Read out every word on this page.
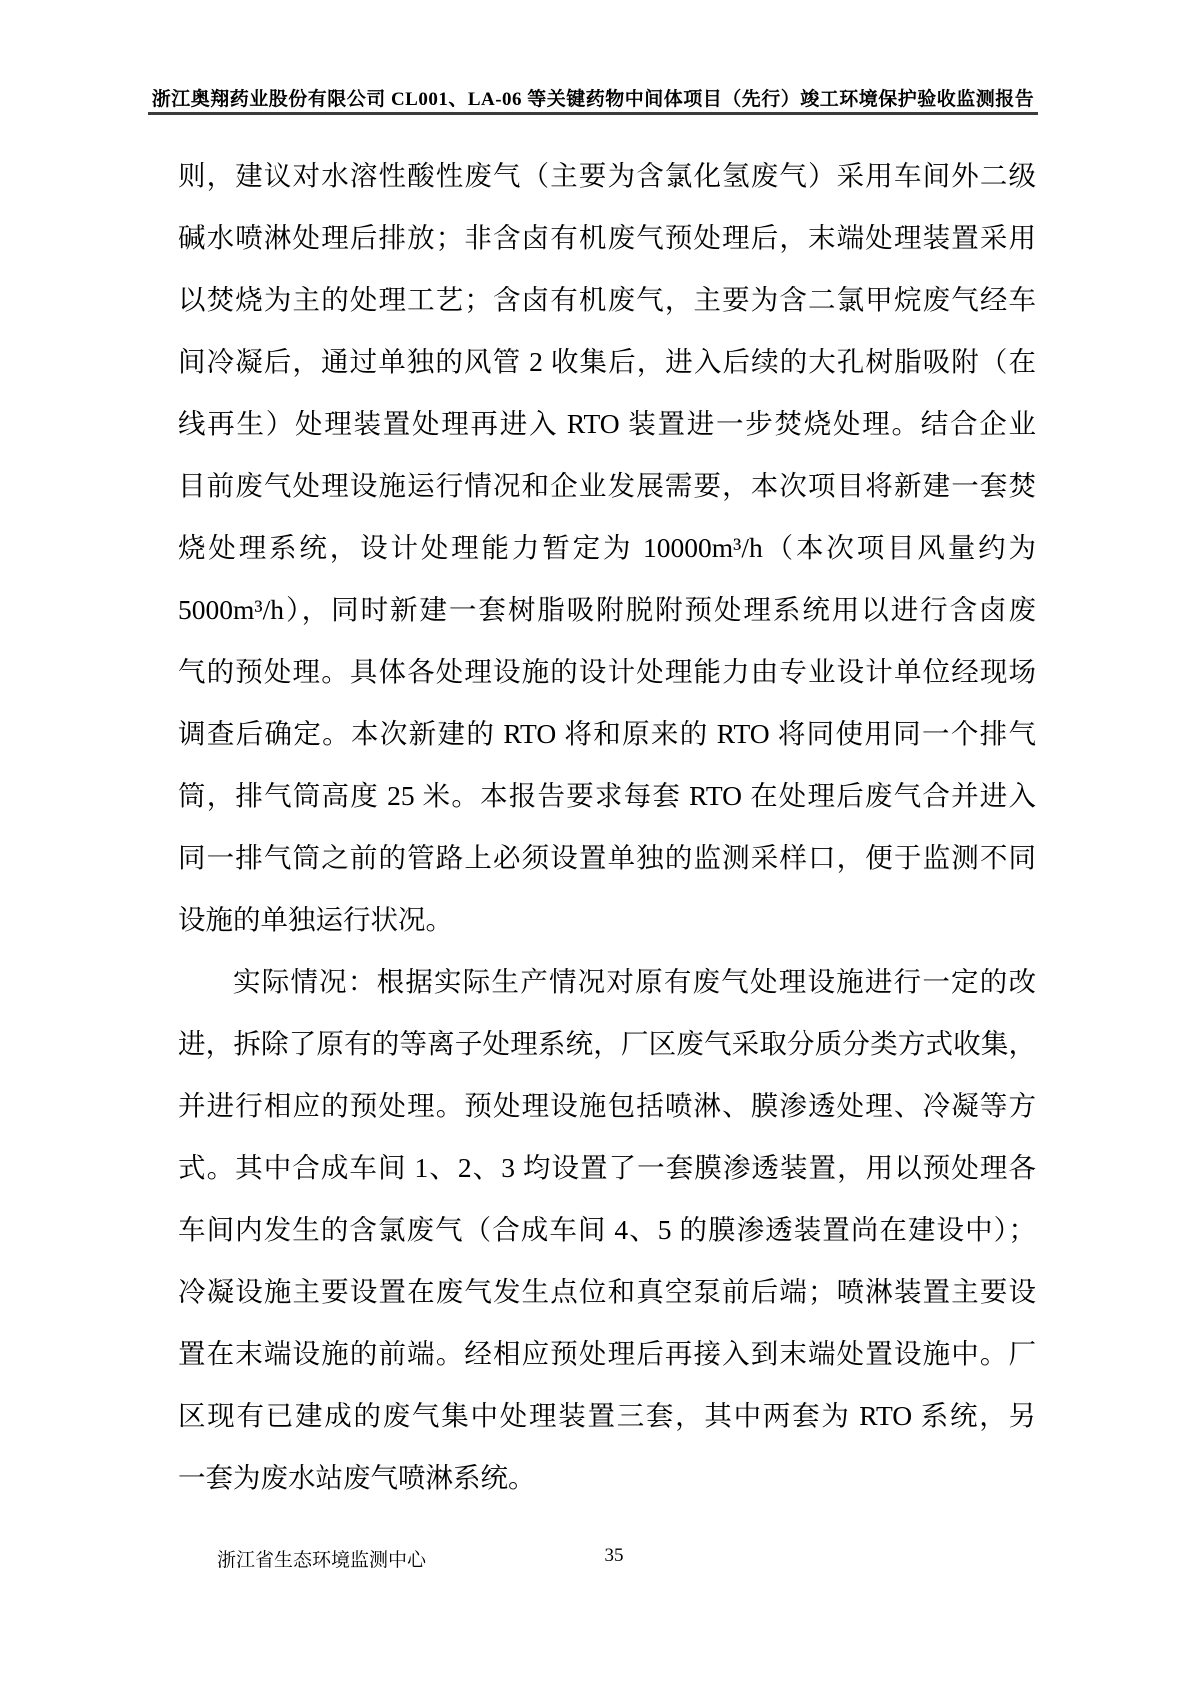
浙江奥翔药业股份有限公司 CL001、LA-06 等关键药物中间体项目（先行）竣工环境保护验收监测报告
则，建议对水溶性酸性废气（主要为含氯化氢废气）采用车间外二级
碱水喷淋处理后排放；非含卤有机废气预处理后，末端处理装置采用
以焚烧为主的处理工艺；含卤有机废气，主要为含二氯甲烷废气经车
间冷凝后，通过单独的风管 2 收集后，进入后续的大孔树脂吸附（在
线再生）处理装置处理再进入 RTO 装置进一步焚烧处理。结合企业
目前废气处理设施运行情况和企业发展需要，本次项目将新建一套焚
烧处理系统，设计处理能力暂定为 10000m³/h（本次项目风量约为
5000m³/h），同时新建一套树脂吸附脱附预处理系统用以进行含卤废
气的预处理。具体各处理设施的设计处理能力由专业设计单位经现场
调查后确定。本次新建的 RTO 将和原来的 RTO 将同使用同一个排气
筒，排气筒高度 25 米。本报告要求每套 RTO 在处理后废气合并进入
同一排气筒之前的管路上必须设置单独的监测采样口，便于监测不同
设施的单独运行状况。
实际情况：根据实际生产情况对原有废气处理设施进行一定的改
进，拆除了原有的等离子处理系统，厂区废气采取分质分类方式收集，
并进行相应的预处理。预处理设施包括喷淋、膜渗透处理、冷凝等方
式。其中合成车间 1、2、3 均设置了一套膜渗透装置，用以预处理各
车间内发生的含氯废气（合成车间 4、5 的膜渗透装置尚在建设中）；
冷凝设施主要设置在废气发生点位和真空泵前后端；喷淋装置主要设
置在末端设施的前端。经相应预处理后再接入到末端处置设施中。厂
区现有已建成的废气集中处理装置三套，其中两套为 RTO 系统，另
一套为废水站废气喷淋系统。
浙江省生态环境监测中心	35
